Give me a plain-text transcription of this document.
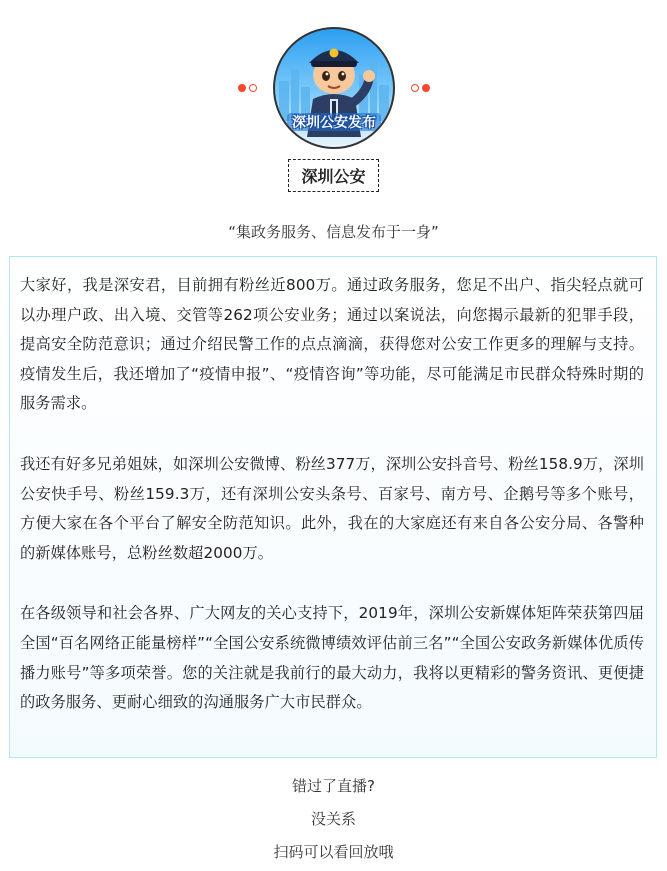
深圳公安发布
深圳公安
“集政务服务、信息发布于一身”

大家好，我是深安君，目前拥有粉丝近800万。通过政务服务，您足不出户、指尖轻点就可以办理户政、出入境、交管等262项公安业务；通过以案说法，向您揭示最新的犯罪手段，提高安全防范意识；通过介绍民警工作的点点滴滴，获得您对公安工作更多的理解与支持。疫情发生后，我还增加了“疫情申报”、“疫情咨询”等功能，尽可能满足市民群众特殊时期的服务需求。

我还有好多兄弟姐妹，如深圳公安微博、粉丝377万，深圳公安抖音号、粉丝158.9万，深圳公安快手号、粉丝159.3万，还有深圳公安头条号、百家号、南方号、企鹅号等多个账号，方便大家在各个平台了解安全防范知识。此外，我在的大家庭还有来自各公安分局、各警种的新媒体账号，总粉丝数超2000万。

在各级领导和社会各界、广大网友的关心支持下，2019年，深圳公安新媒体矩阵荣获第四届全国“百名网络正能量榜样”“全国公安系统微博绩效评估前三名”“全国公安政务新媒体优质传播力账号”等多项荣誉。您的关注就是我前行的最大动力，我将以更精彩的警务资讯、更便捷的政务服务、更耐心细致的沟通服务广大市民群众。

错过了直播?
没关系
扫码可以看回放哦
